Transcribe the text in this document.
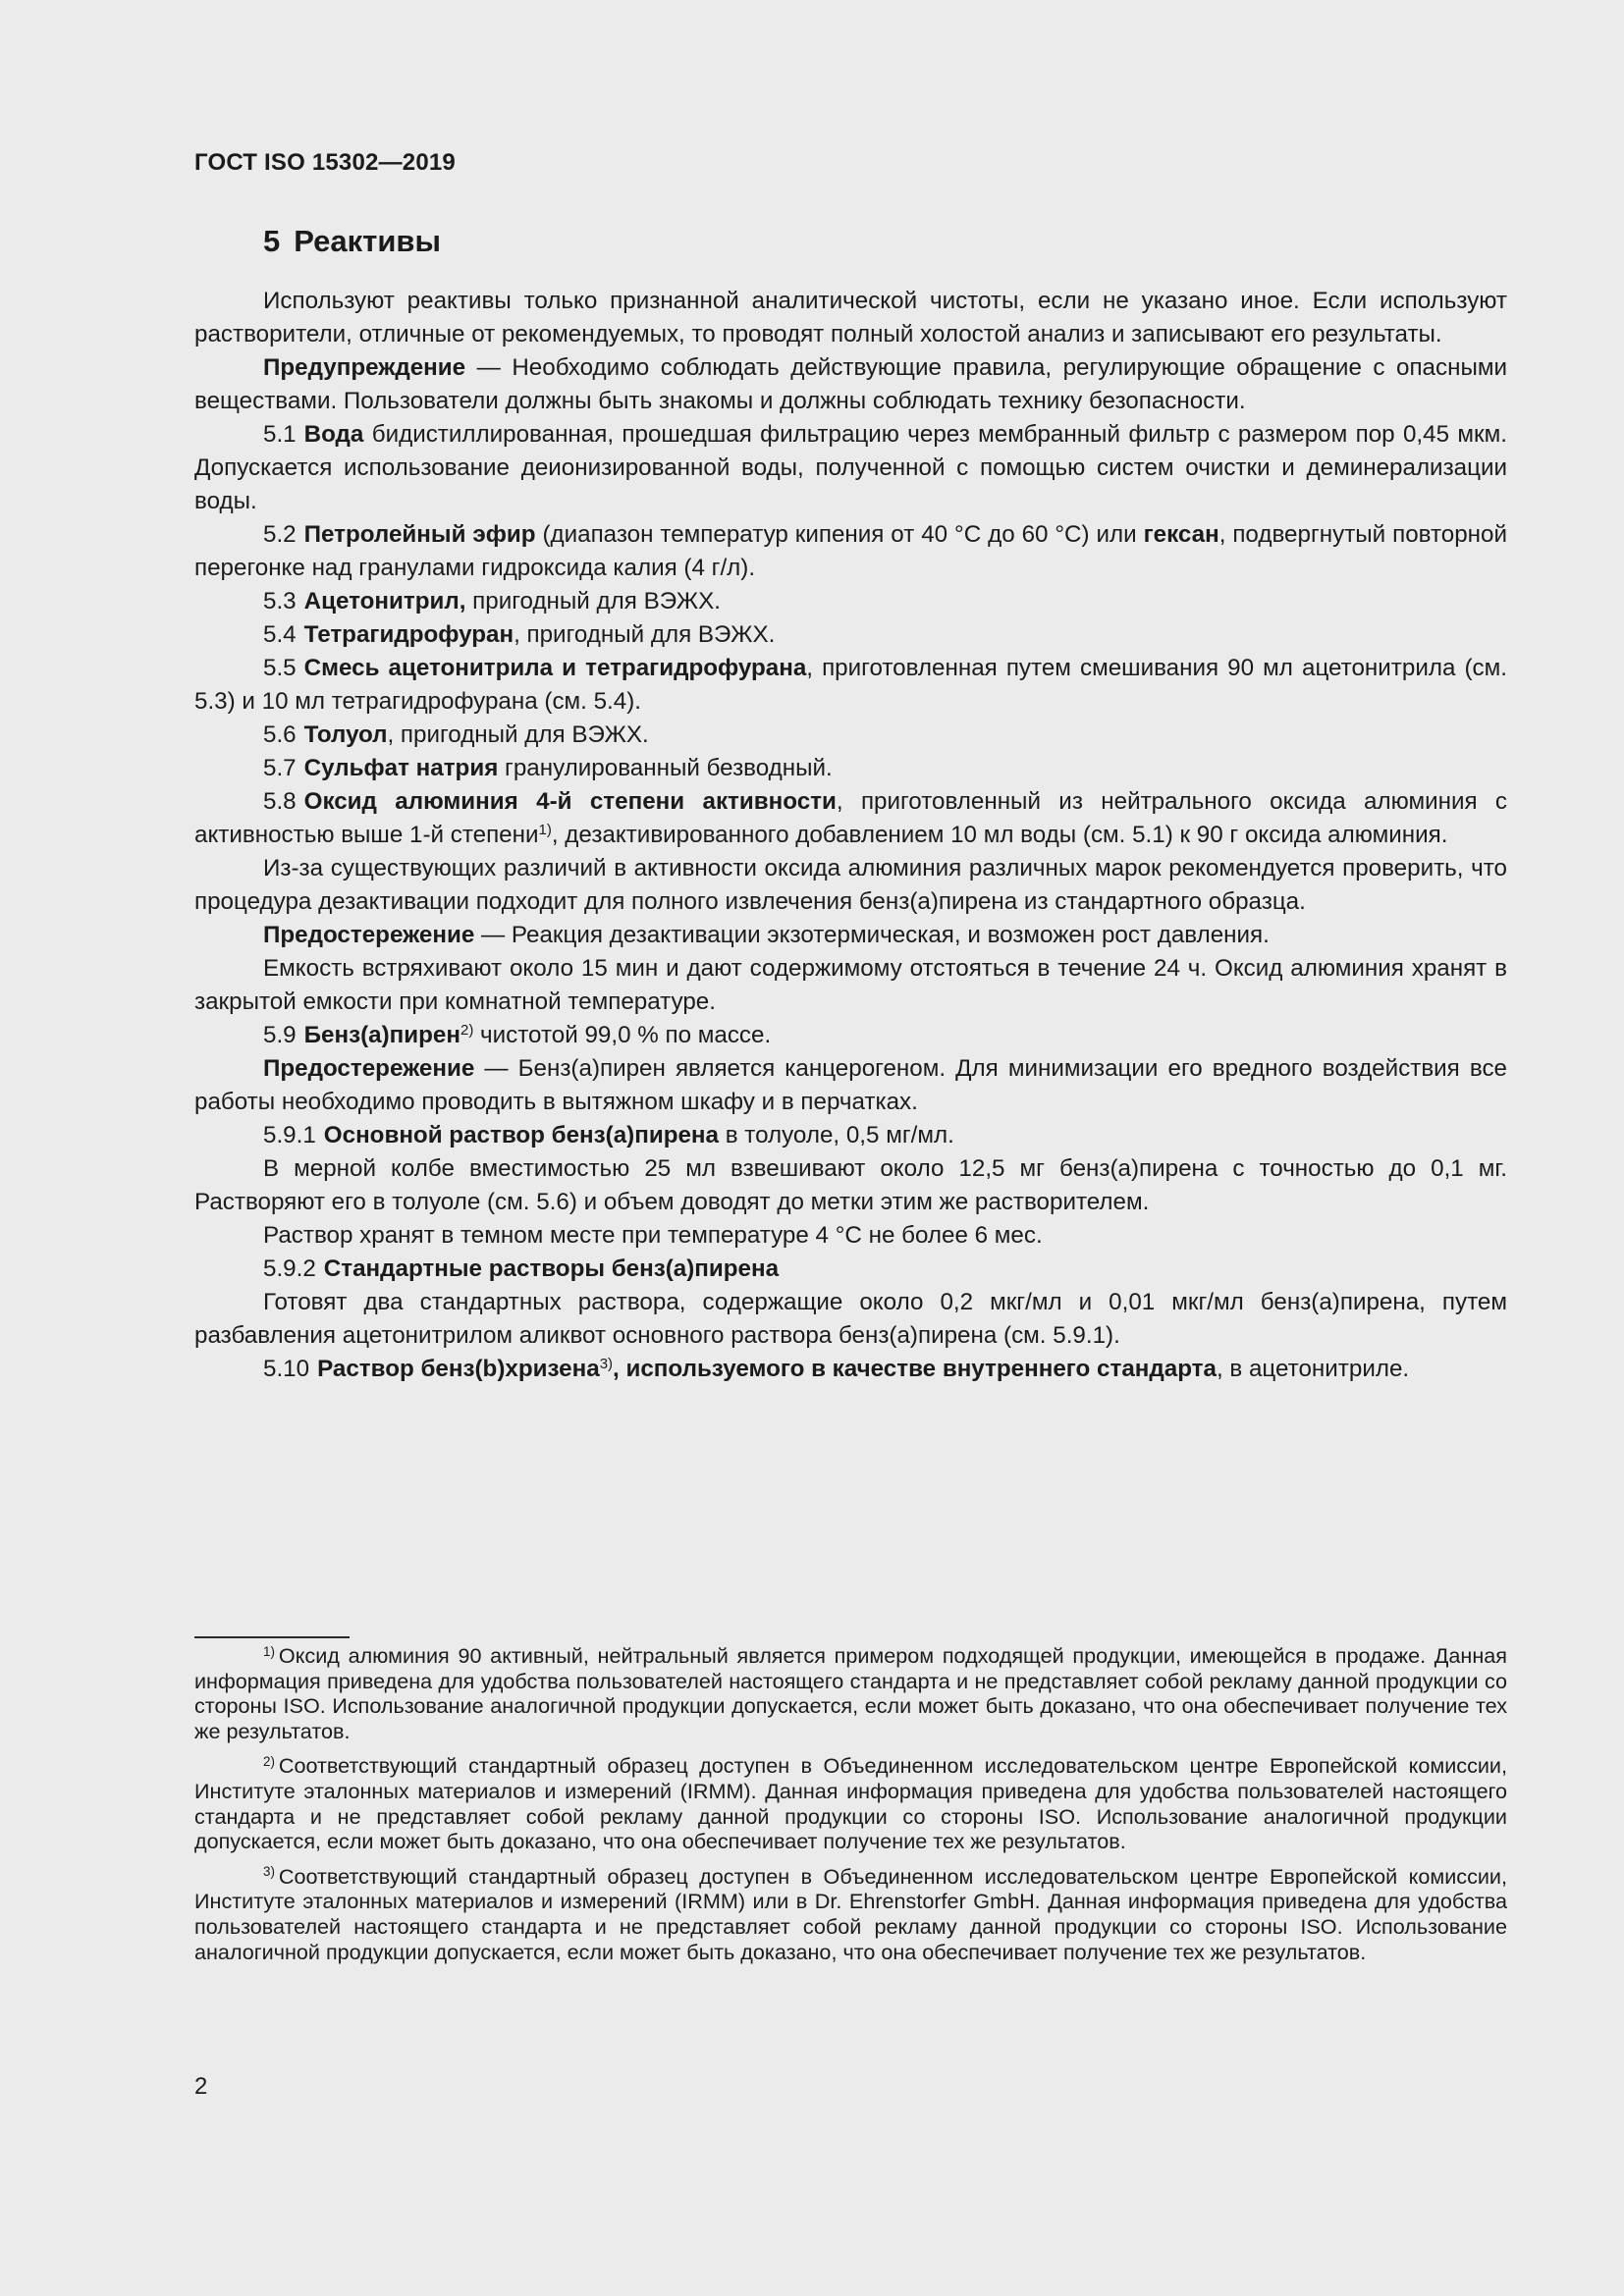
ГОСТ ISO 15302—2019
5 Реактивы

Используют реактивы только признанной аналитической чистоты, если не указано иное. Если используют растворители, отличные от рекомендуемых, то проводят полный холостой анализ и записывают его результаты.

Предупреждение — Необходимо соблюдать действующие правила, регулирующие обращение с опасными веществами. Пользователи должны быть знакомы и должны соблюдать технику безопасности.

5.1 Вода бидистиллированная, прошедшая фильтрацию через мембранный фильтр с размером пор 0,45 мкм. Допускается использование деионизированной воды, полученной с помощью систем очистки и деминерализации воды.

5.2 Петролейный эфир (диапазон температур кипения от 40 °С до 60 °С) или гексан, подвергнутый повторной перегонке над гранулами гидроксида калия (4 г/л).

5.3 Ацетонитрил, пригодный для ВЭЖХ.

5.4 Тетрагидрофуран, пригодный для ВЭЖХ.

5.5 Смесь ацетонитрила и тетрагидрофурана, приготовленная путем смешивания 90 мл ацетонитрила (см. 5.3) и 10 мл тетрагидрофурана (см. 5.4).

5.6 Толуол, пригодный для ВЭЖХ.

5.7 Сульфат натрия гранулированный безводный.

5.8 Оксид алюминия 4-й степени активности, приготовленный из нейтрального оксида алюминия с активностью выше 1-й степени$^{1)}$, дезактивированного добавлением 10 мл воды (см. 5.1) к 90 г оксида алюминия.

Из-за существующих различий в активности оксида алюминия различных марок рекомендуется проверить, что процедура дезактивации подходит для полного извлечения бенз(а)пирена из стандартного образца.

Предостережение — Реакция дезактивации экзотермическая, и возможен рост давления.

Емкость встряхивают около 15 мин и дают содержимому отстояться в течение 24 ч. Оксид алюминия хранят в закрытой емкости при комнатной температуре.

5.9 Бенз(а)пирен$^{2)}$ чистотой 99,0 % по массе.

Предостережение — Бенз(а)пирен является канцерогеном. Для минимизации его вредного воздействия все работы необходимо проводить в вытяжном шкафу и в перчатках.

5.9.1 Основной раствор бенз(а)пирена в толуоле, 0,5 мг/мл.

В мерной колбе вместимостью 25 мл взвешивают около 12,5 мг бенз(а)пирена с точностью до 0,1 мг. Растворяют его в толуоле (см. 5.6) и объем доводят до метки этим же растворителем.

Раствор хранят в темном месте при температуре 4 °С не более 6 мес.

5.9.2 Стандартные растворы бенз(а)пирена

Готовят два стандартных раствора, содержащие около 0,2 мкг/мл и 0,01 мкг/мл бенз(а)пирена, путем разбавления ацетонитрилом аликвот основного раствора бенз(а)пирена (см. 5.9.1).

5.10 Раствор бенз(b)хризена$^{3)}$, используемого в качестве внутреннего стандарта, в ацетонитриле.

$^{1)}$ Оксид алюминия 90 активный, нейтральный является примером подходящей продукции, имеющейся в продаже. Данная информация приведена для удобства пользователей настоящего стандарта и не представляет собой рекламу данной продукции со стороны ISO. Использование аналогичной продукции допускается, если может быть доказано, что она обеспечивает получение тех же результатов.

$^{2)}$ Соответствующий стандартный образец доступен в Объединенном исследовательском центре Европейской комиссии, Институте эталонных материалов и измерений (IRMM). Данная информация приведена для удобства пользователей настоящего стандарта и не представляет собой рекламу данной продукции со стороны ISO. Использование аналогичной продукции допускается, если может быть доказано, что она обеспечивает получение тех же результатов.

$^{3)}$ Соответствующий стандартный образец доступен в Объединенном исследовательском центре Европейской комиссии, Институте эталонных материалов и измерений (IRMM) или в Dr. Ehrenstorfer GmbH. Данная информация приведена для удобства пользователей настоящего стандарта и не представляет собой рекламу данной продукции со стороны ISO. Использование аналогичной продукции допускается, если может быть доказано, что она обеспечивает получение тех же результатов.

2
